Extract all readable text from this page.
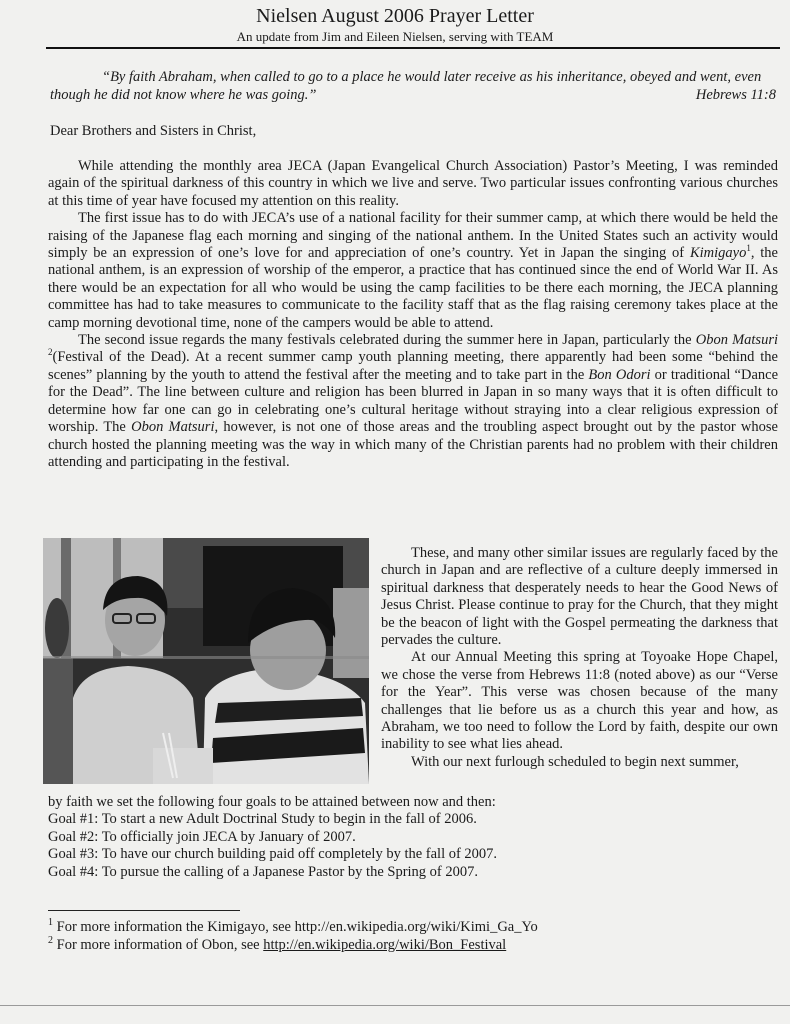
Nielsen August 2006 Prayer Letter
An update from Jim and Eileen Nielsen, serving with TEAM
“By faith Abraham, when called to go to a place he would later receive as his inheritance, obeyed and went, even though he did not know where he was going.”	Hebrews 11:8
Dear Brothers and Sisters in Christ,

While attending the monthly area JECA (Japan Evangelical Church Association) Pastor’s Meeting, I was reminded again of the spiritual darkness of this country in which we live and serve. Two particular issues confronting various churches at this time of year have focused my attention on this reality.

The first issue has to do with JECA’s use of a national facility for their summer camp, at which there would be held the raising of the Japanese flag each morning and singing of the national anthem. In the United States such an activity would simply be an expression of one’s love for and appreciation of one’s country. Yet in Japan the singing of Kimigayo$^1$, the national anthem, is an expression of worship of the emperor, a practice that has continued since the end of World War II. As there would be an expectation for all who would be using the camp facilities to be there each morning, the JECA planning committee has had to take measures to communicate to the facility staff that as the flag raising ceremony takes place at the camp morning devotional time, none of the campers would be able to attend.

The second issue regards the many festivals celebrated during the summer here in Japan, particularly the Obon Matsuri $^2$(Festival of the Dead). At a recent summer camp youth planning meeting, there apparently had been some “behind the scenes” planning by the youth to attend the festival after the meeting and to take part in the Bon Odori or traditional “Dance for the Dead”. The line between culture and religion has been blurred in Japan in so many ways that it is often difficult to determine how far one can go in celebrating one’s cultural heritage without straying into a clear religious expression of worship. The Obon Matsuri, however, is not one of those areas and the troubling aspect brought out by the pastor whose church hosted the planning meeting was the way in which many of the Christian parents had no problem with their children attending and participating in the festival.

These, and many other similar issues are regularly faced by the church in Japan and are reflective of a culture deeply immersed in spiritual darkness that desperately needs to hear the Good News of Jesus Christ. Please continue to pray for the Church, that they might be the beacon of light with the Gospel permeating the darkness that pervades the culture.

At our Annual Meeting this spring at Toyoake Hope Chapel, we chose the verse from Hebrews 11:8 (noted above) as our “Verse for the Year”. This verse was chosen because of the many challenges that lie before us as a church this year and how, as Abraham, we too need to follow the Lord by faith, despite our own inability to see what lies ahead.

With our next furlough scheduled to begin next summer,

by faith we set the following four goals to be attained between now and then:
Goal #1: To start a new Adult Doctrinal Study to begin in the fall of 2006.
Goal #2: To officially join JECA by January of 2007.
Goal #3: To have our church building paid off completely by the fall of 2007.
Goal #4: To pursue the calling of a Japanese Pastor by the Spring of 2007.
$^1$ For more information the Kimigayo, see http://en.wikipedia.org/wiki/Kimi_Ga_Yo
$^2$ For more information of Obon, see http://en.wikipedia.org/wiki/Bon_Festival
